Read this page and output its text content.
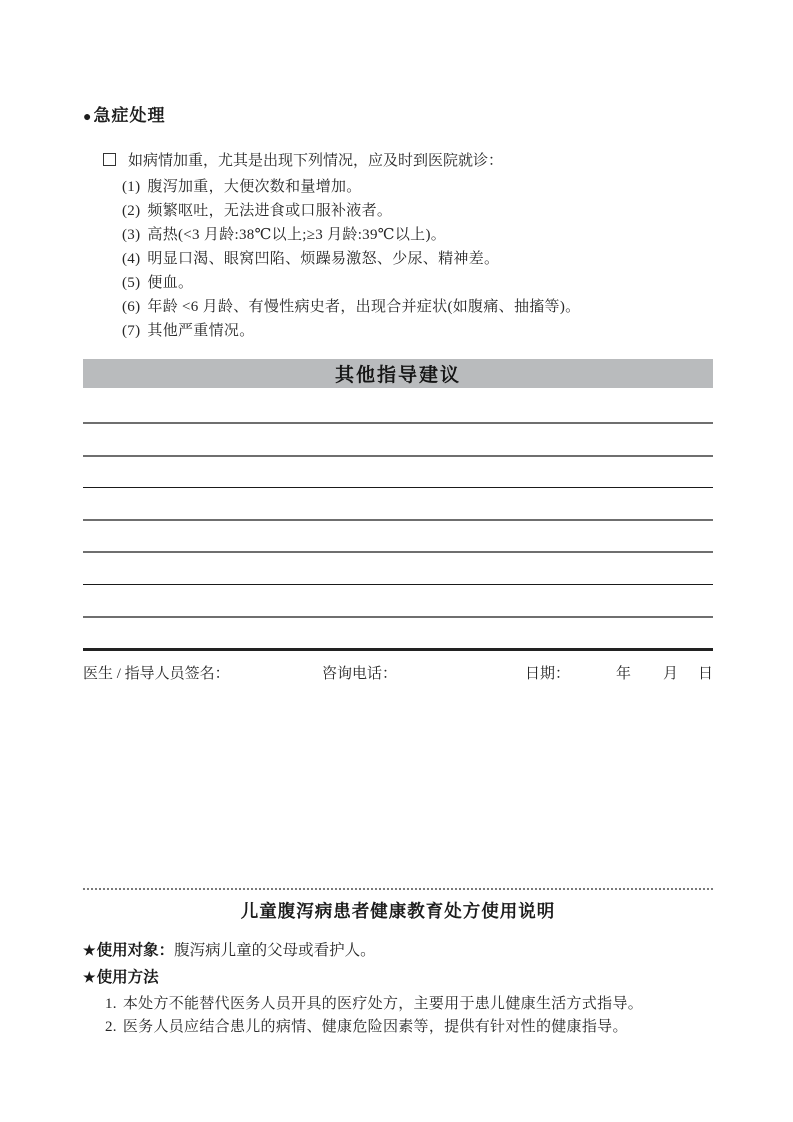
●急症处理
如病情加重，尤其是出现下列情况，应及时到医院就诊：
(1) 腹泻加重，大便次数和量增加。
(2) 频繁呕吐，无法进食或口服补液者。
(3) 高热(<3 月龄:38℃以上;≥3 月龄:39℃以上)。
(4) 明显口渴、眼窝凹陷、烦躁易激怒、少尿、精神差。
(5) 便血。
(6) 年龄 <6 月龄、有慢性病史者，出现合并症状(如腹痛、抽搐等)。
(7) 其他严重情况。
其他指导建议
医生 / 指导人员签名：	咨询电话：	日期：	年 月 日
儿童腹泻病患者健康教育处方使用说明
★使用对象：腹泻病儿童的父母或看护人。
★使用方法
1. 本处方不能替代医务人员开具的医疗处方，主要用于患儿健康生活方式指导。
2. 医务人员应结合患儿的病情、健康危险因素等，提供有针对性的健康指导。
